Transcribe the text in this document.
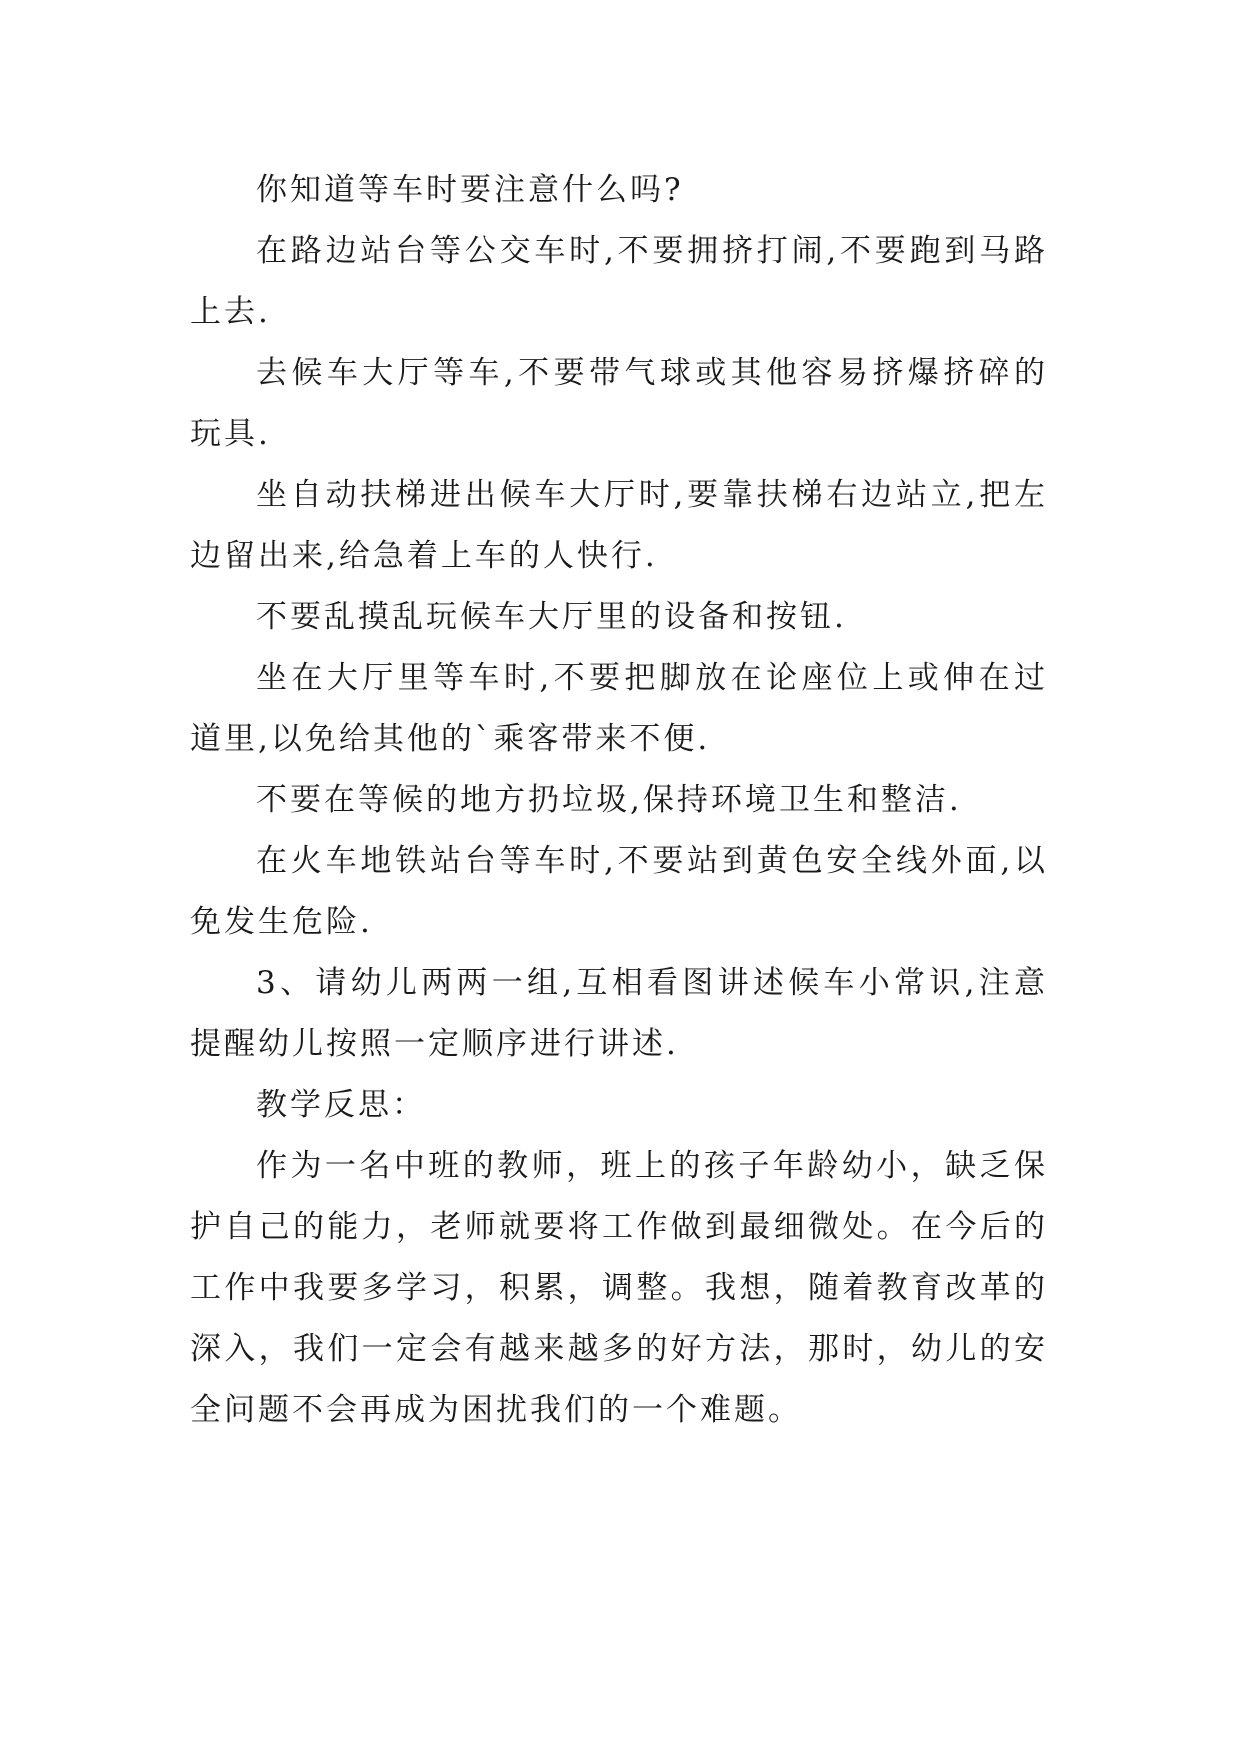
你知道等车时要注意什么吗?

在路边站台等公交车时,不要拥挤打闹,不要跑到马路上去.

去候车大厅等车,不要带气球或其他容易挤爆挤碎的玩具.

坐自动扶梯进出候车大厅时,要靠扶梯右边站立,把左边留出来,给急着上车的人快行.

不要乱摸乱玩候车大厅里的设备和按钮.

坐在大厅里等车时,不要把脚放在论座位上或伸在过道里,以免给其他的`乘客带来不便.

不要在等候的地方扔垃圾,保持环境卫生和整洁.

在火车地铁站台等车时,不要站到黄色安全线外面,以免发生危险.

3、请幼儿两两一组,互相看图讲述候车小常识,注意提醒幼儿按照一定顺序进行讲述.

教学反思：

作为一名中班的教师，班上的孩子年龄幼小，缺乏保护自己的能力，老师就要将工作做到最细微处。在今后的工作中我要多学习，积累，调整。我想，随着教育改革的深入，我们一定会有越来越多的好方法，那时，幼儿的安全问题不会再成为困扰我们的一个难题。
